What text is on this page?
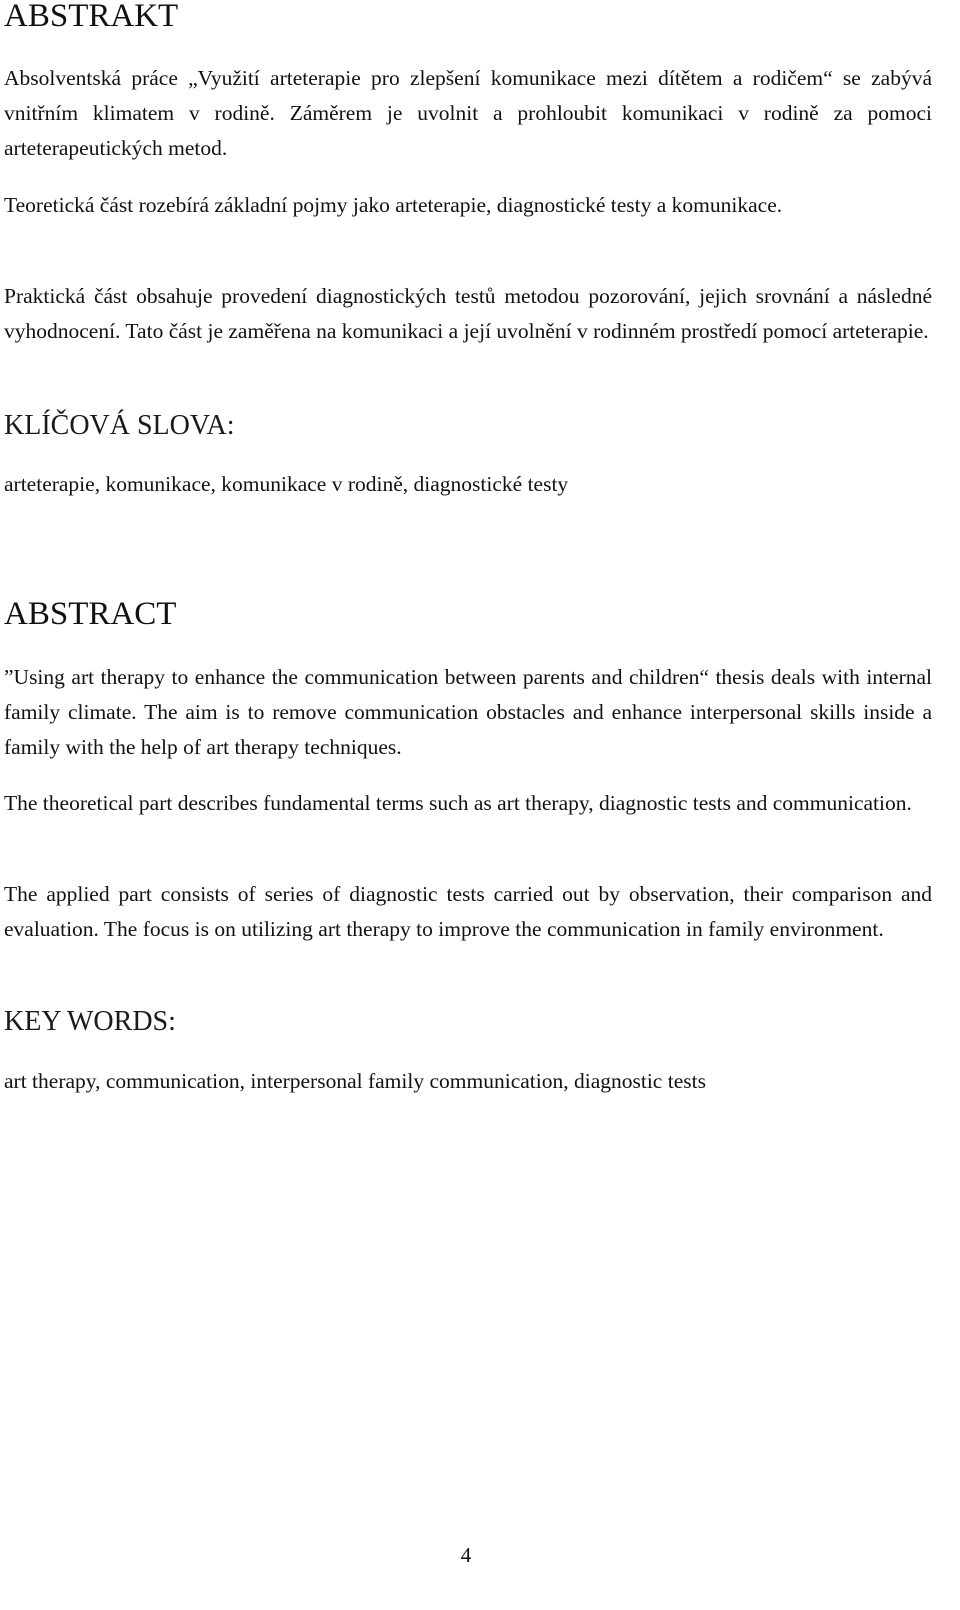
ABSTRAKT

Absolventská práce „Využití arteterapie pro zlepšení komunikace mezi dítětem a rodičem“ se zabývá vnitřním klimatem v rodině. Záměrem je uvolnit a prohloubit komunikaci v rodině za pomoci arteterapeutických metod.

Teoretická část rozebírá základní pojmy jako arteterapie, diagnostické testy a komunikace.

Praktická část obsahuje provedení diagnostických testů metodou pozorování, jejich srovnání a následné vyhodnocení. Tato část je zaměřena na komunikaci a její uvolnění v rodinném prostředí pomocí arteterapie.

KLÍČOVÁ SLOVA:

arteterapie, komunikace, komunikace v rodině, diagnostické testy

ABSTRACT

”Using art therapy to enhance the communication between parents and children“ thesis deals with internal family climate. The aim is to remove communication obstacles and enhance interpersonal skills inside a family with the help of art therapy techniques.

The theoretical part describes fundamental terms such as art therapy, diagnostic tests and communication.

The applied part consists of series of diagnostic tests carried out by observation, their comparison and evaluation. The focus is on utilizing art therapy to improve the communication in family environment.

KEY WORDS:

art therapy, communication, interpersonal family communication, diagnostic tests

4
